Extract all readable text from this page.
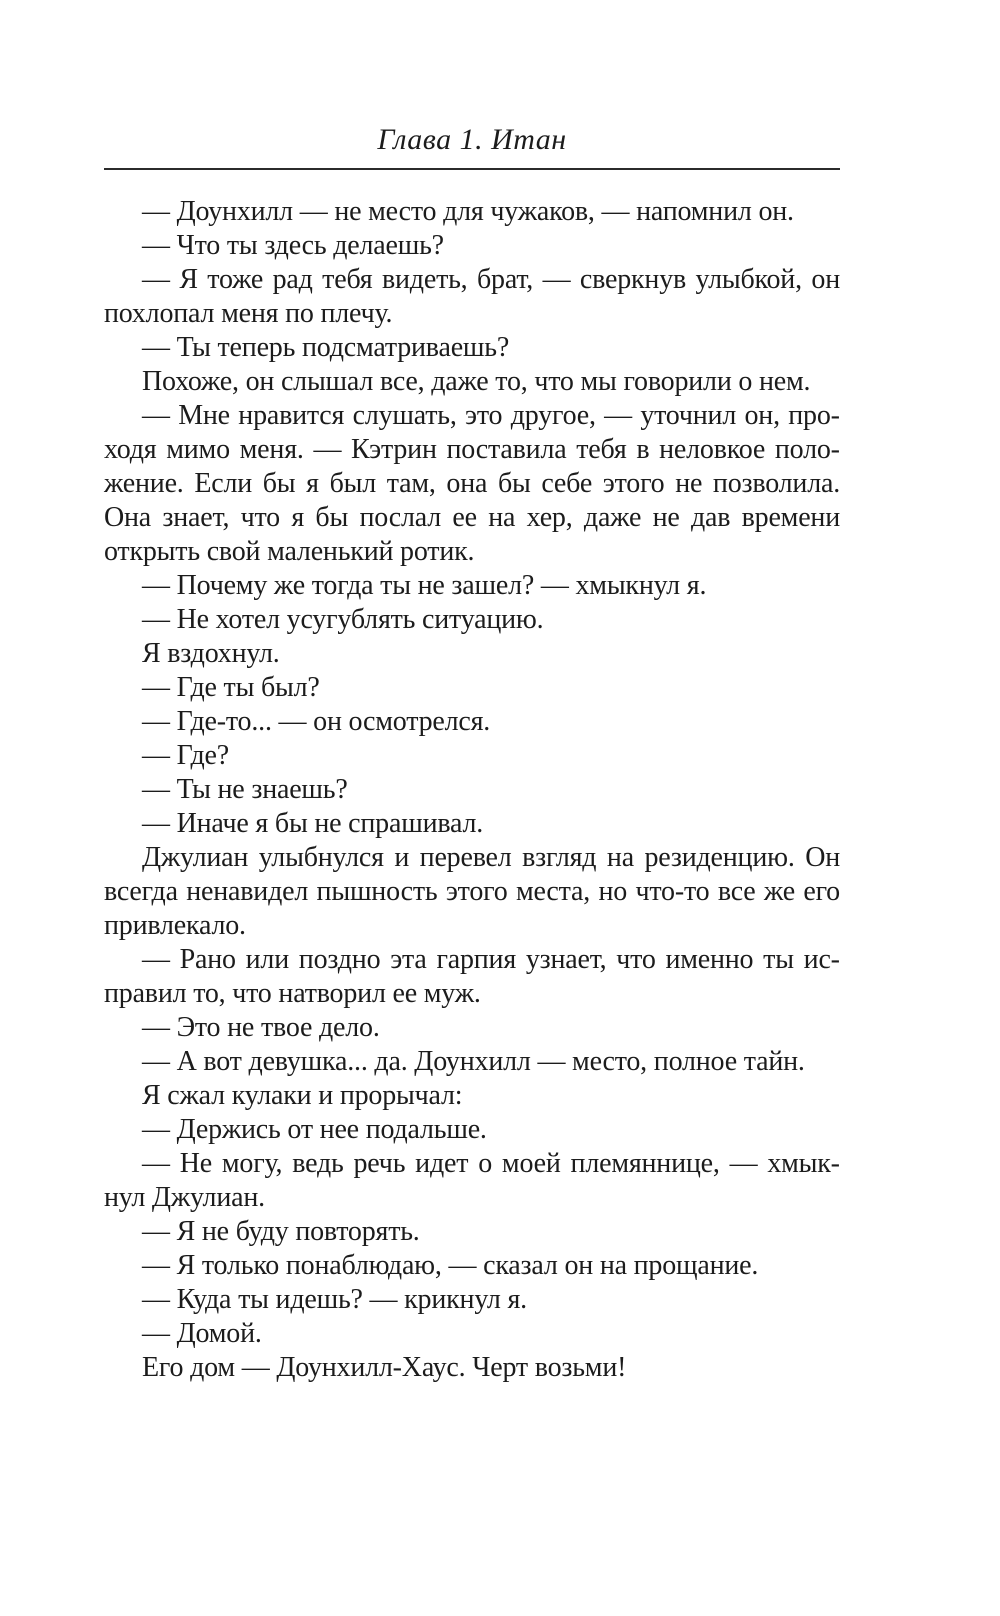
Глава 1. Итан

— Доунхилл — не место для чужаков, — напомнил он.

— Что ты здесь делаешь?

— Я тоже рад тебя видеть, брат, — сверкнув улыбкой, он похлопал меня по плечу.

— Ты теперь подсматриваешь?

Похоже, он слышал все, даже то, что мы говорили о нем.

— Мне нравится слушать, это другое, — уточнил он, проходя мимо меня. — Кэтрин поставила тебя в неловкое положение. Если бы я был там, она бы себе этого не позволила. Она знает, что я бы послал ее на хер, даже не дав времени открыть свой маленький ротик.

— Почему же тогда ты не зашел? — хмыкнул я.

— Не хотел усугублять ситуацию.

Я вздохнул.

— Где ты был?

— Где-то... — он осмотрелся.

— Где?

— Ты не знаешь?

— Иначе я бы не спрашивал.

Джулиан улыбнулся и перевел взгляд на резиденцию. Он всегда ненавидел пышность этого места, но что-то все же его привлекало.

— Рано или поздно эта гарпия узнает, что именно ты исправил то, что натворил ее муж.

— Это не твое дело.

— А вот девушка... да. Доунхилл — место, полное тайн.

Я сжал кулаки и прорычал:

— Держись от нее подальше.

— Не могу, ведь речь идет о моей племяннице, — хмыкнул Джулиан.

— Я не буду повторять.

— Я только понаблюдаю, — сказал он на прощание.

— Куда ты идешь? — крикнул я.

— Домой.

Его дом — Доунхилл-Хаус. Черт возьми!
